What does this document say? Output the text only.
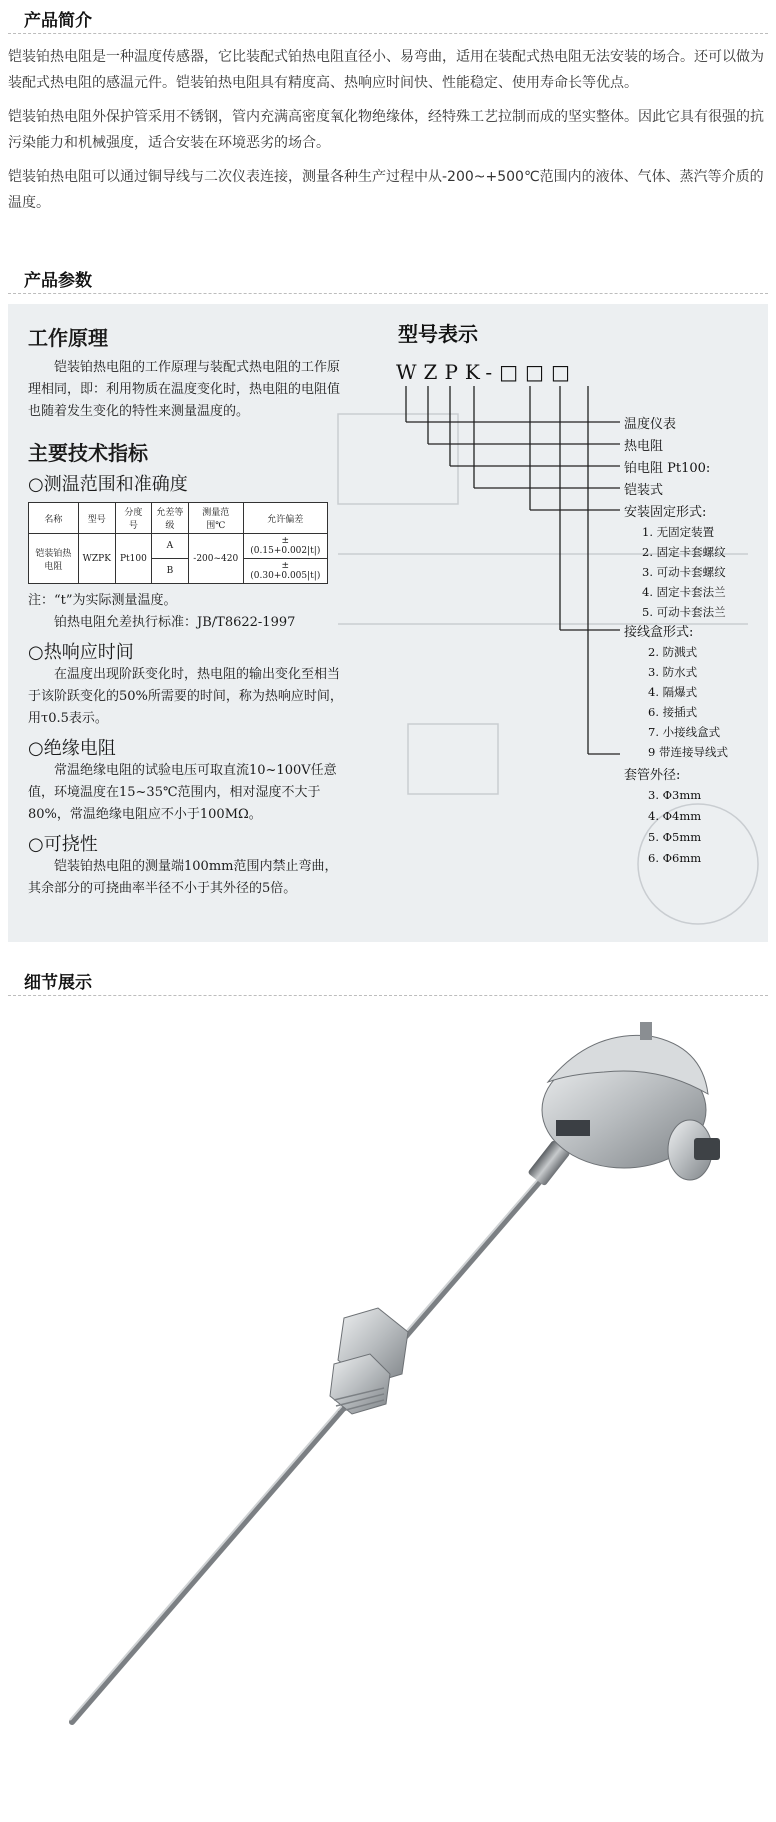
产品简介

铠装铂热电阻是一种温度传感器，它比装配式铂热电阻直径小、易弯曲，适用在装配式热电阻无法安装的场合。还可以做为装配式热电阻的感温元件。铠装铂热电阻具有精度高、热响应时间快、性能稳定、使用寿命长等优点。

铠装铂热电阻外保护管采用不锈钢，管内充满高密度氧化物绝缘体，经特殊工艺拉制而成的坚实整体。因此它具有很强的抗污染能力和机械强度，适合安装在环境恶劣的场合。

铠装铂热电阻可以通过铜导线与二次仪表连接，测量各种生产过程中从-200~+500℃范围内的液体、气体、蒸汽等介质的温度。

产品参数

工作原理

铠装铂热电阻的工作原理与装配式热电阻的工作原理相同，即：利用物质在温度变化时，热电阻的电阻值也随着发生变化的特性来测量温度的。

主要技术指标

○测温范围和准确度

名称	型号	分度号	允差等级	测量范围℃	允许偏差
铠装铂热电阻	WZPK	Pt100	A	-200~420	±(0.15+0.002|t|)
			B		±(0.30+0.005|t|)

注：“t”为实际测量温度。

铂热电阻允差执行标准：JB/T8622-1997

○热响应时间

在温度出现阶跃变化时，热电阻的输出变化至相当于该阶跃变化的50%所需要的时间，称为热响应时间，用τ0.5表示。

○绝缘电阻

常温绝缘电阻的试验电压可取直流10~100V任意值，环境温度在15~35℃范围内，相对湿度不大于80%，常温绝缘电阻应不小于100MΩ。

○可挠性

铠装铂热电阻的测量端100mm范围内禁止弯曲，其余部分的可挠曲率半径不小于其外径的5倍。

型号表示
WZPK-□□□
温度仪表
热电阻
铂电阻 Pt100:
铠装式
安装固定形式:
1. 无固定装置
2. 固定卡套螺纹
3. 可动卡套螺纹
4. 固定卡套法兰
5. 可动卡套法兰
接线盒形式:
2. 防溅式
3. 防水式
4. 隔爆式
6. 接插式
7. 小接线盒式
9 带连接导线式
套管外径:
3. Φ3mm
4. Φ4mm
5. Φ5mm
6. Φ6mm
细节展示
